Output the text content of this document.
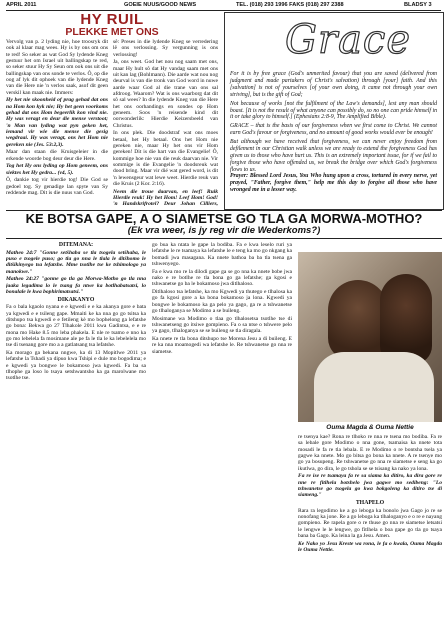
APRIL 2011	GOEIE NUUS/GOOD NEWS	TEL. (018) 293 1996 FAKS (018) 297 2388	BLADSY 3
HY RUIL
PLEKKE MET ONS

Vervolg van p. 2 lyding nie, hoe troosryk dit ook al klaar mag wees. Hy is by ons om ons te red! So seker as wat God Sy lydende Kneg gestuur het om Israel uit ballingskap te red, so seker stuur Hy Sy Seun om ook ons uit die ballingskap van ons sonde te verlos. Ô, op die oog af lyk dit ophoek van die lydende Kneg van die Here nie 'n verlos saak, asof dit geen verskil kan maak nie. Immers:

Hy het nie skoonheid of prag gehad dat ons na Hom kon kyk nie; Hy het geen voorkoms gehad dat ons Hom begeerlik kon vind nie. Hy was veragt en deur die mense verstoot; 'n Man van lyding wat pyn geken het, iemand vir wie die mense die gesig wegdraai. Hy was veragt, ons het Hom nie gereken nie (Jes. 53:2,3).

Maar dan staan die Kruisgeleier in die erkende woorde bog deur deur die Here.

Tog het Hy ons lyding op Hom geneem, ons siektes het Hy gedra... (v4, 5).

Ô, dankie tog vir hierdie tog! Die God se gedoel tog. Sy genadige lan spyte van Sy reddende mag. Dit is die nuus van God.

sê: Preses in die lydende Kneg se verredering lê ons verlossing. Sy vergunning is ons verlossing!

Ja, ons weet. God het nou nog saam met ons, maar Hy hult sô dat Hy vandag saam met ons uit kan lag (Bohlmann). Die aarde wat nou nog deurval is van die tronk van God word in nuwe aarde waar God al die trane van ons sal afdroog. Waarom? Wat is ons waarborg dat dit sô sal wees? In die lydende Kneg van die Here het ons oorhandings en sondes op Hom geneem. Soos 'n reisende kind dit oorwonderlik: Hierdie Keizersbeeld van Christus.

In ons plek. Die doodstraf wat ons moes betaal, het Hy betaal. Ons het Hom nie gereken nie, maar Hy het ons vir Hom gereken! Dit is die hart van die Evangelie! Ô, kommige hoe nie van die reuk daarvan nie. Vir sommige is die Evangelie 'n doodsreuk wat dood bring. Maar vir dié wat gered word, is dit 'n lewensgeur wat lewe weet. Hierdie reuk van die Kruis (2 Kor. 2:16).

Neem die troue daarvan, en leef! Ruik Hierdie reuk! Hy het Hom! Leef Hom! God! 'n Handskrifrotel? Deur Johan Cilliers,

Grace

For it is by free grace (God's unmerited favour) that you are saved (delivered from judgment and made partakers of Christ's salvation) through [your] faith. And this [salvation] is not of yourselves [of your own doing, it came not through your own striving], but is the gift of God;

Not because of works [not the fulfilment of the Law's demands], lest any man should boast. [It is not the result of what anyone can possibly do, so no one can pride himself in it or take glory to himself.] (Ephesians 2:8-9, The Amplified Bible).

GRACE – that is the basis of our forgiveness when we first come to Christ. We cannot earn God's favour or forgiveness, and no amount of good works would ever be enough!

But although we have received that forgiveness, we can never enjoy freedom from defilement in our Christian walk unless we are ready to extend the forgiveness God has given us to those who have hurt us. This is an extremely important issue, for if we fail to forgive those who have offended us, we break the bridge over which God's forgiveness flows to us.

Prayer: Blessed Lord Jesus, You Who hung upon a cross, tortured in every nerve, yet prayed, "Father, forgive them," help me this day to forgive all those who have wronged me in a lesser way.
KE BOTSA GAPE, A O SIAMETSE GO TLA GA MORWA-MOTHO?
(Ek vra weer, is jy reg vir die Wederkoms?)

DITEMANA:

Matheo 24:7 "Gonne setšhaba se tla tsogela setšhaba, le puso e tsogele puso; go tla go nna le tlala le ditšhomo le ditšikinyego tsa lefatshe. Mme tsotlhe tse ke tshimologo ya manokwe."

Matheo 24:27 "gonne go tla ga Morwa-Motho go tla nna jaaka legadima lo le tsang fa ntwe ka botlhabatsatsi, lo bonalale le kwa bophirimatsatsi."

DIKAKANYO

Fa o bala kgaolo nyana e e kgwedi e e ka akanya gore e bata ya kgwedi e e tsileng gape. Mmaiti ke ka nna go go tsitsa ka ditshupo tsa kgwedi e e fetileng kè mo bophelong ga lefatshe go bona: Bekwa go 27 Tlhakole 2011 kwa Gadintsa, e e re mona mo Hake 8.5 mo leba phakela. E nle re tsamo e nno ka go mo lebelela fa mosimane ale pe fa le tla le ka lebelelela mo tse di tsenang gore mo a a gatlatsang tsa lefatshe.

Ka morago ga bekana nngwe, ka di 13 Mopitlwe 2011 ya lefatshe la Tshadi ya dipuo kwa Tshipi e dule mo bogodima; e e kgwedi ya bongwe le bokamoso jwa kgwedi. Fa ba sa tlhophe ga loso lo tsaya setshwantsho ka ga marolwane mo tsotlhe tse.

go bua ka ntata le gape la bodiba. Fa e kwa leselo ruri ya lefatshe le re tsamaya ka lefatshe le e teng ka mo go nkgang ka bomadi jwa masagana. Ka nnete bathoa ba ba tla tsena ga tshwenyego.

Fa e kwa mo re la dilodi gape ga se go nna ka nnete bobe jwa nako e re botlhe re tla bona go ga lefatshe; ga kgosi e tshwanetse go ba le bokamoso jwa ditlhaloso.

Ditlhaloso tsa lefatshe, ka mo Kgwedi ya thutego e tlhalosa ka go fa kgosi gore a ka bona bokamoso ja lona. Kgwedi ya bongwe le bokamoso ka ga pelo ya gago, ga re a tshwanetse go tlhaloganya se Modimo a se buileng.

Mosimane wa Modimo o tlaa go tlhalosetsa tsotlhe tse di tshwanetseng go itsiwe gompieno. Fa o sa ntse o tshwere pelo ya gago, tlhaloganya se se buileng se tla diragala.

Ka nnete re tla bona ditshupo tse Morena Jesu a di buileng. E re ka nna moamogedi wa lefatshe le. Re tshwanetse go nna re siametse.

Ouma Magda & Ouma Nettie

re tsenya kae? Rona re tlhoko re nna re tsena mo bodiba. Fa re sa lebale gore Modimo o nna gone, tsamaisa ka nnete tota mosadi le fa re tla lebala. E re Modimo o re bontsha tsela ya gagwe ka nnete. Mo go bitsa go bona ka nnete. A re tsenye mo go ya bosupeng. Re tshwanetse go nna re siametse e seng ka go ikutlwa, go dira, le go tshola se se tsisang ka nako ya lona.

Fa re ise re tsamaya fa re sa siama ka ditiro, ka dira gore re nne re fitlhela botshelo jwa gagwe mo sedibeng: "Lo tshwanetse go tsogela go kwa bokgoleng ka ditiro tse di siameng."

THAPELO

Rara ra legodimo ke a go leboga ka bonolo jwa Gago jo re se nonofang ka jone. Re a go leboga ka tlhaloganyo e o re e nayang gompieno. Re rapela gore o re thuse go nna re siametse letsatsi le lengwe le le lengwe, go fitlhela o boa gape go tla go tsaya bana ba Gago. Ka leina la ga Jesu. Amen.

Ke Nako yo Jesu Kreste wa rona, le fa o kwala, Ouma Magda le Ouma Nettie.
